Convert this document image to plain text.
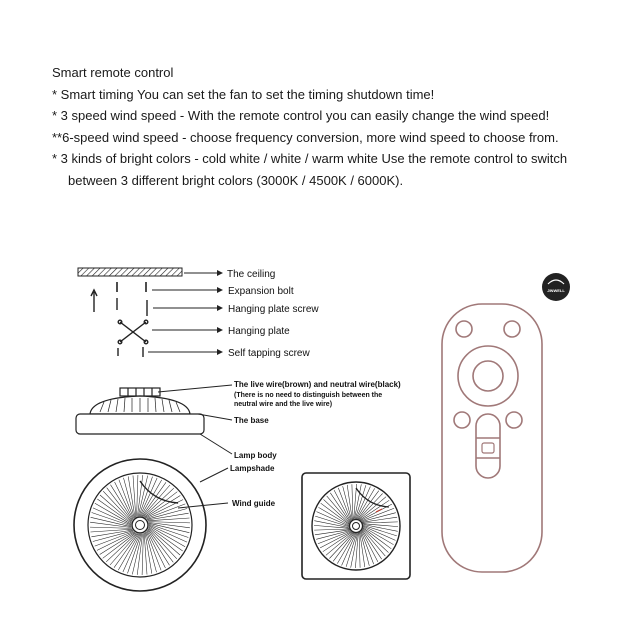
Smart remote control

* Smart timing You can set the fan to set the timing shutdown time!

* 3 speed wind speed - With the remote control you can easily change the wind speed!

**6-speed wind speed - choose frequency conversion, more wind speed to choose from.

* 3 kinds of bright colors - cold white / white / warm white Use the remote control to switch

between 3 different bright colors (3000K / 4500K / 6000K).

The ceiling
Expansion bolt
Hanging plate screw
Hanging plate
Self tapping screw
The live wire(brown) and neutral wire(black)
(There is no need to distinguish between the
neutral wire and the live wire)
The base
Lamp body
Lampshade
Wind guide
JINWELL
